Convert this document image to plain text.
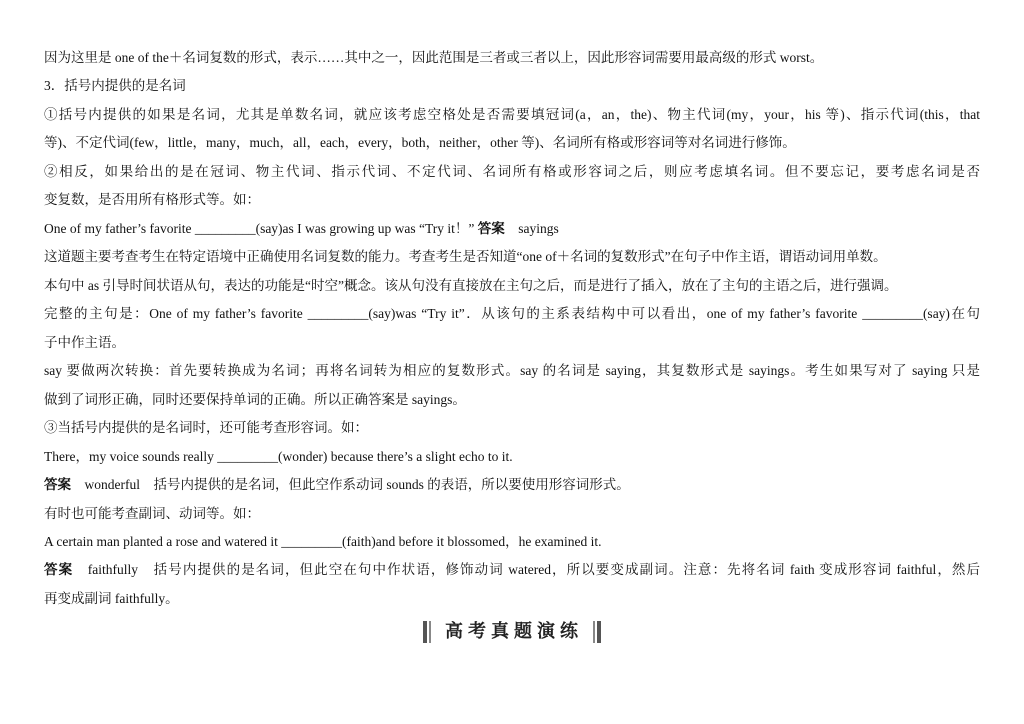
因为这里是 one of the＋名词复数的形式，表示……其中之一，因此范围是三者或三者以上，因此形容词需要用最高级的形式 worst。
3．括号内提供的是名词
①括号内提供的如果是名词，尤其是单数名词，就应该考虑空格处是否需要填冠词(a，an，the)、物主代词(my，your，his 等)、指示代词(this，that
等)、不定代词(few，little，many，much，all，each，every，both，neither，other 等)、名词所有格或形容词等对名词进行修饰。
②相反，如果给出的是在冠词、物主代词、指示代词、不定代词、名词所有格或形容词之后，则应考虑填名词。但不要忘记，要考虑名词是否
变复数，是否用所有格形式等。如：
One of my father’s favorite _________(say)as I was growing up was “Try it！” 答案　sayings
这道题主要考查考生在特定语境中正确使用名词复数的能力。考查考生是否知道“one of＋名词的复数形式”在句子中作主语，谓语动词用单数。
本句中 as 引导时间状语从句，表达的功能是“时空”概念。该从句没有直接放在主句之后，而是进行了插入，放在了主句的主语之后，进行强调。
完整的主句是：One of my father’s favorite _________(say)was “Try it”．从该句的主系表结构中可以看出，one of my father’s favorite _________(say)在句
子中作主语。
say 要做两次转换：首先要转换成为名词；再将名词转为相应的复数形式。say 的名词是 saying，其复数形式是 sayings。考生如果写对了 saying 只是
做到了词形正确，同时还要保持单词的正确。所以正确答案是 sayings。
③当括号内提供的是名词时，还可能考查形容词。如：
There，my voice sounds really _________(wonder) because there’s a slight echo to it.
答案　wonderful　括号内提供的是名词，但此空作系动词 sounds 的表语，所以要使用形容词形式。
有时也可能考查副词、动词等。如：
A certain man planted a rose and watered it _________(faith)and before it blossomed，he examined it.
答案　faithfully　括号内提供的是名词，但此空在句中作状语，修饰动词 watered，所以要变成副词。注意：先将名词 faith 变成形容词 faithful，然后
再变成副词 faithfully。
高考真题演练
